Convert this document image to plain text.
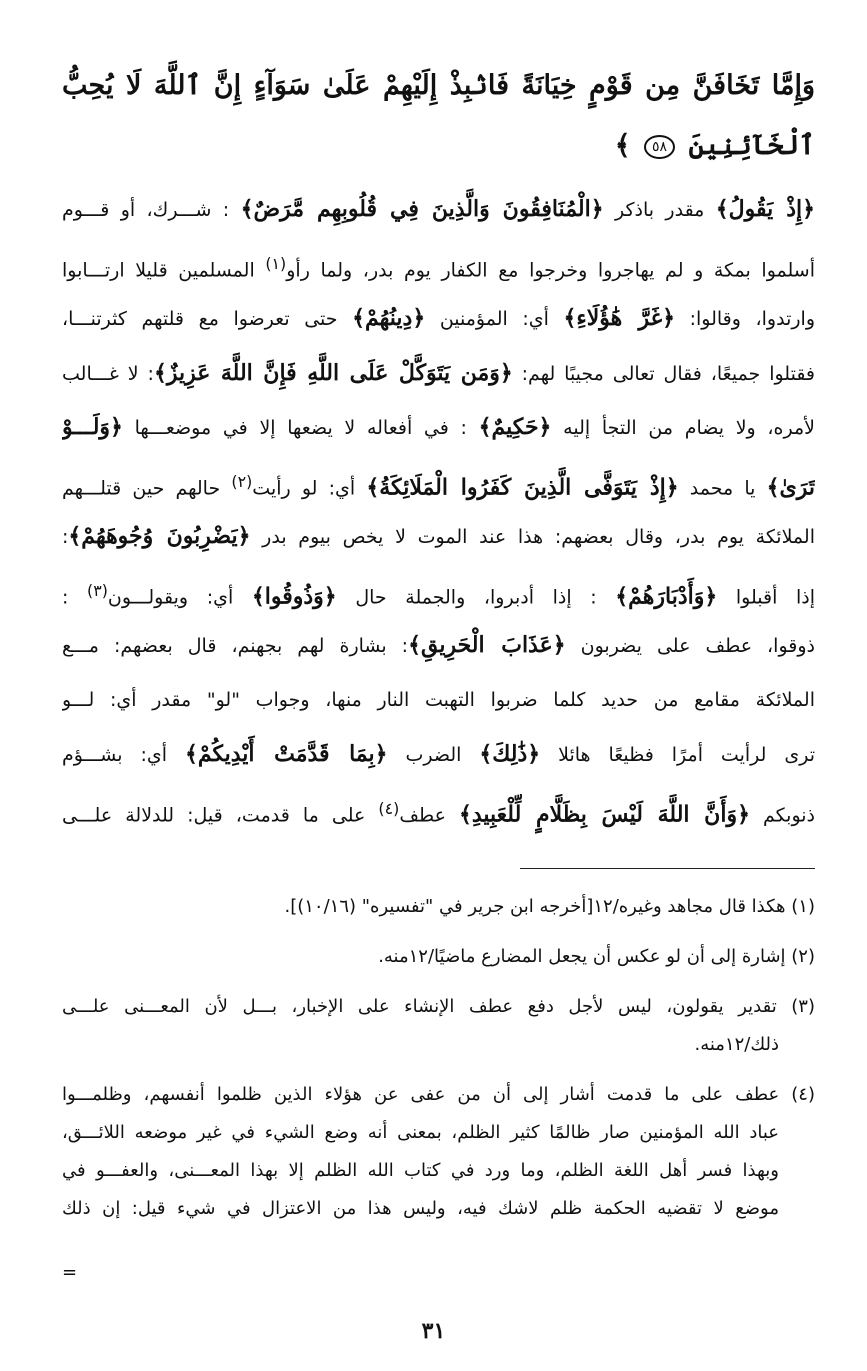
وَإِمَّا تَخَافَنَّ مِن قَوْمٍ خِيَانَةً فَانۢبِذْ إِلَيْهِمْ عَلَىٰ سَوَآءٍ إِنَّ ٱللَّهَ لَا يُحِبُّ
ٱلْخَآئِنِينَ ٥٨ ﴾

﴿إِذْ يَقُولُ﴾ مقدر باذكر ﴿الْمُنَافِقُونَ وَالَّذِينَ فِي قُلُوبِهِم مَّرَضٌ﴾ : شـــرك، أو قـــوم
أسلموا بمكة و لم يهاجروا وخرجوا مع الكفار يوم بدر، ولما رأو$^{(١)}$ المسلمين قليلا ارتـــابوا
وارتدوا، وقالوا: ﴿غَرَّ هَٰؤُلَاءِ﴾ أي: المؤمنين ﴿دِينُهُمْ﴾ حتى تعرضوا مع قلتهم كثرتنـــا،
فقتلوا جميعًا، فقال تعالى مجيبًا لهم: ﴿وَمَن يَتَوَكَّلْ عَلَى اللَّهِ فَإِنَّ اللَّهَ عَزِيزٌ﴾: لا غـــالب
لأمره، ولا يضام من التجأ إليه ﴿حَكِيمٌ﴾ : في أفعاله لا يضعها إلا في موضعـــها ﴿وَلَـــوْ
تَرَىٰ﴾ يا محمد ﴿إِذْ يَتَوَفَّى الَّذِينَ كَفَرُوا الْمَلَائِكَةُ﴾ أي: لو رأيت$^{(٢)}$ حالهم حين قتلـــهم
الملائكة يوم بدر، وقال بعضهم: هذا عند الموت لا يخص بيوم بدر ﴿يَضْرِبُونَ وُجُوهَهُمْ﴾:
إذا أقبلوا ﴿وَأَدْبَارَهُمْ﴾ : إذا أدبروا، والجملة حال ﴿وَذُوقُوا﴾ أي: ويقولـــون$^{(٣)}$ :
ذوقوا، عطف على يضربون ﴿عَذَابَ الْحَرِيقِ﴾: بشارة لهم بجهنم، قال بعضهم: مـــع
الملائكة مقامع من حديد كلما ضربوا التهبت النار منها، وجواب "لو" مقدر أي: لـــو
ترى لرأيت أمرًا فظيعًا هائلا ﴿ذَٰلِكَ﴾ الضرب ﴿بِمَا قَدَّمَتْ أَيْدِيكُمْ﴾ أي: بشـــؤم
ذنوبكم ﴿وَأَنَّ اللَّهَ لَيْسَ بِظَلَّامٍ لِّلْعَبِيدِ﴾ عطف$^{(٤)}$ على ما قدمت، قيل: للدلالة علـــى
(١) هكذا قال مجاهد وغيره/١٢[أخرجه ابن جرير في "تفسيره" (١٠/١٦)].
(٢) إشارة إلى أن لو عكس أن يجعل المضارع ماضيًا/١٢منه.
(٣) تقدير يقولون، ليس لأجل دفع عطف الإنشاء على الإخبار، بـــل لأن المعـــنى علـــى
ذلك/١٢منه.
(٤) عطف على ما قدمت أشار إلى أن من عفى عن هؤلاء الذين ظلموا أنفسهم، وظلمـــوا
عباد الله المؤمنين صار ظالمًا كثير الظلم، بمعنى أنه وضع الشيء في غير موضعه اللائـــق،
وبهذا فسر أهل اللغة الظلم، وما ورد في كتاب الله الظلم إلا بهذا المعـــنى، والعفـــو في
موضع لا تقضيه الحكمة ظلم لاشك فيه، وليس هذا من الاعتزال في شيء قيل: إن ذلك
=
٣١
